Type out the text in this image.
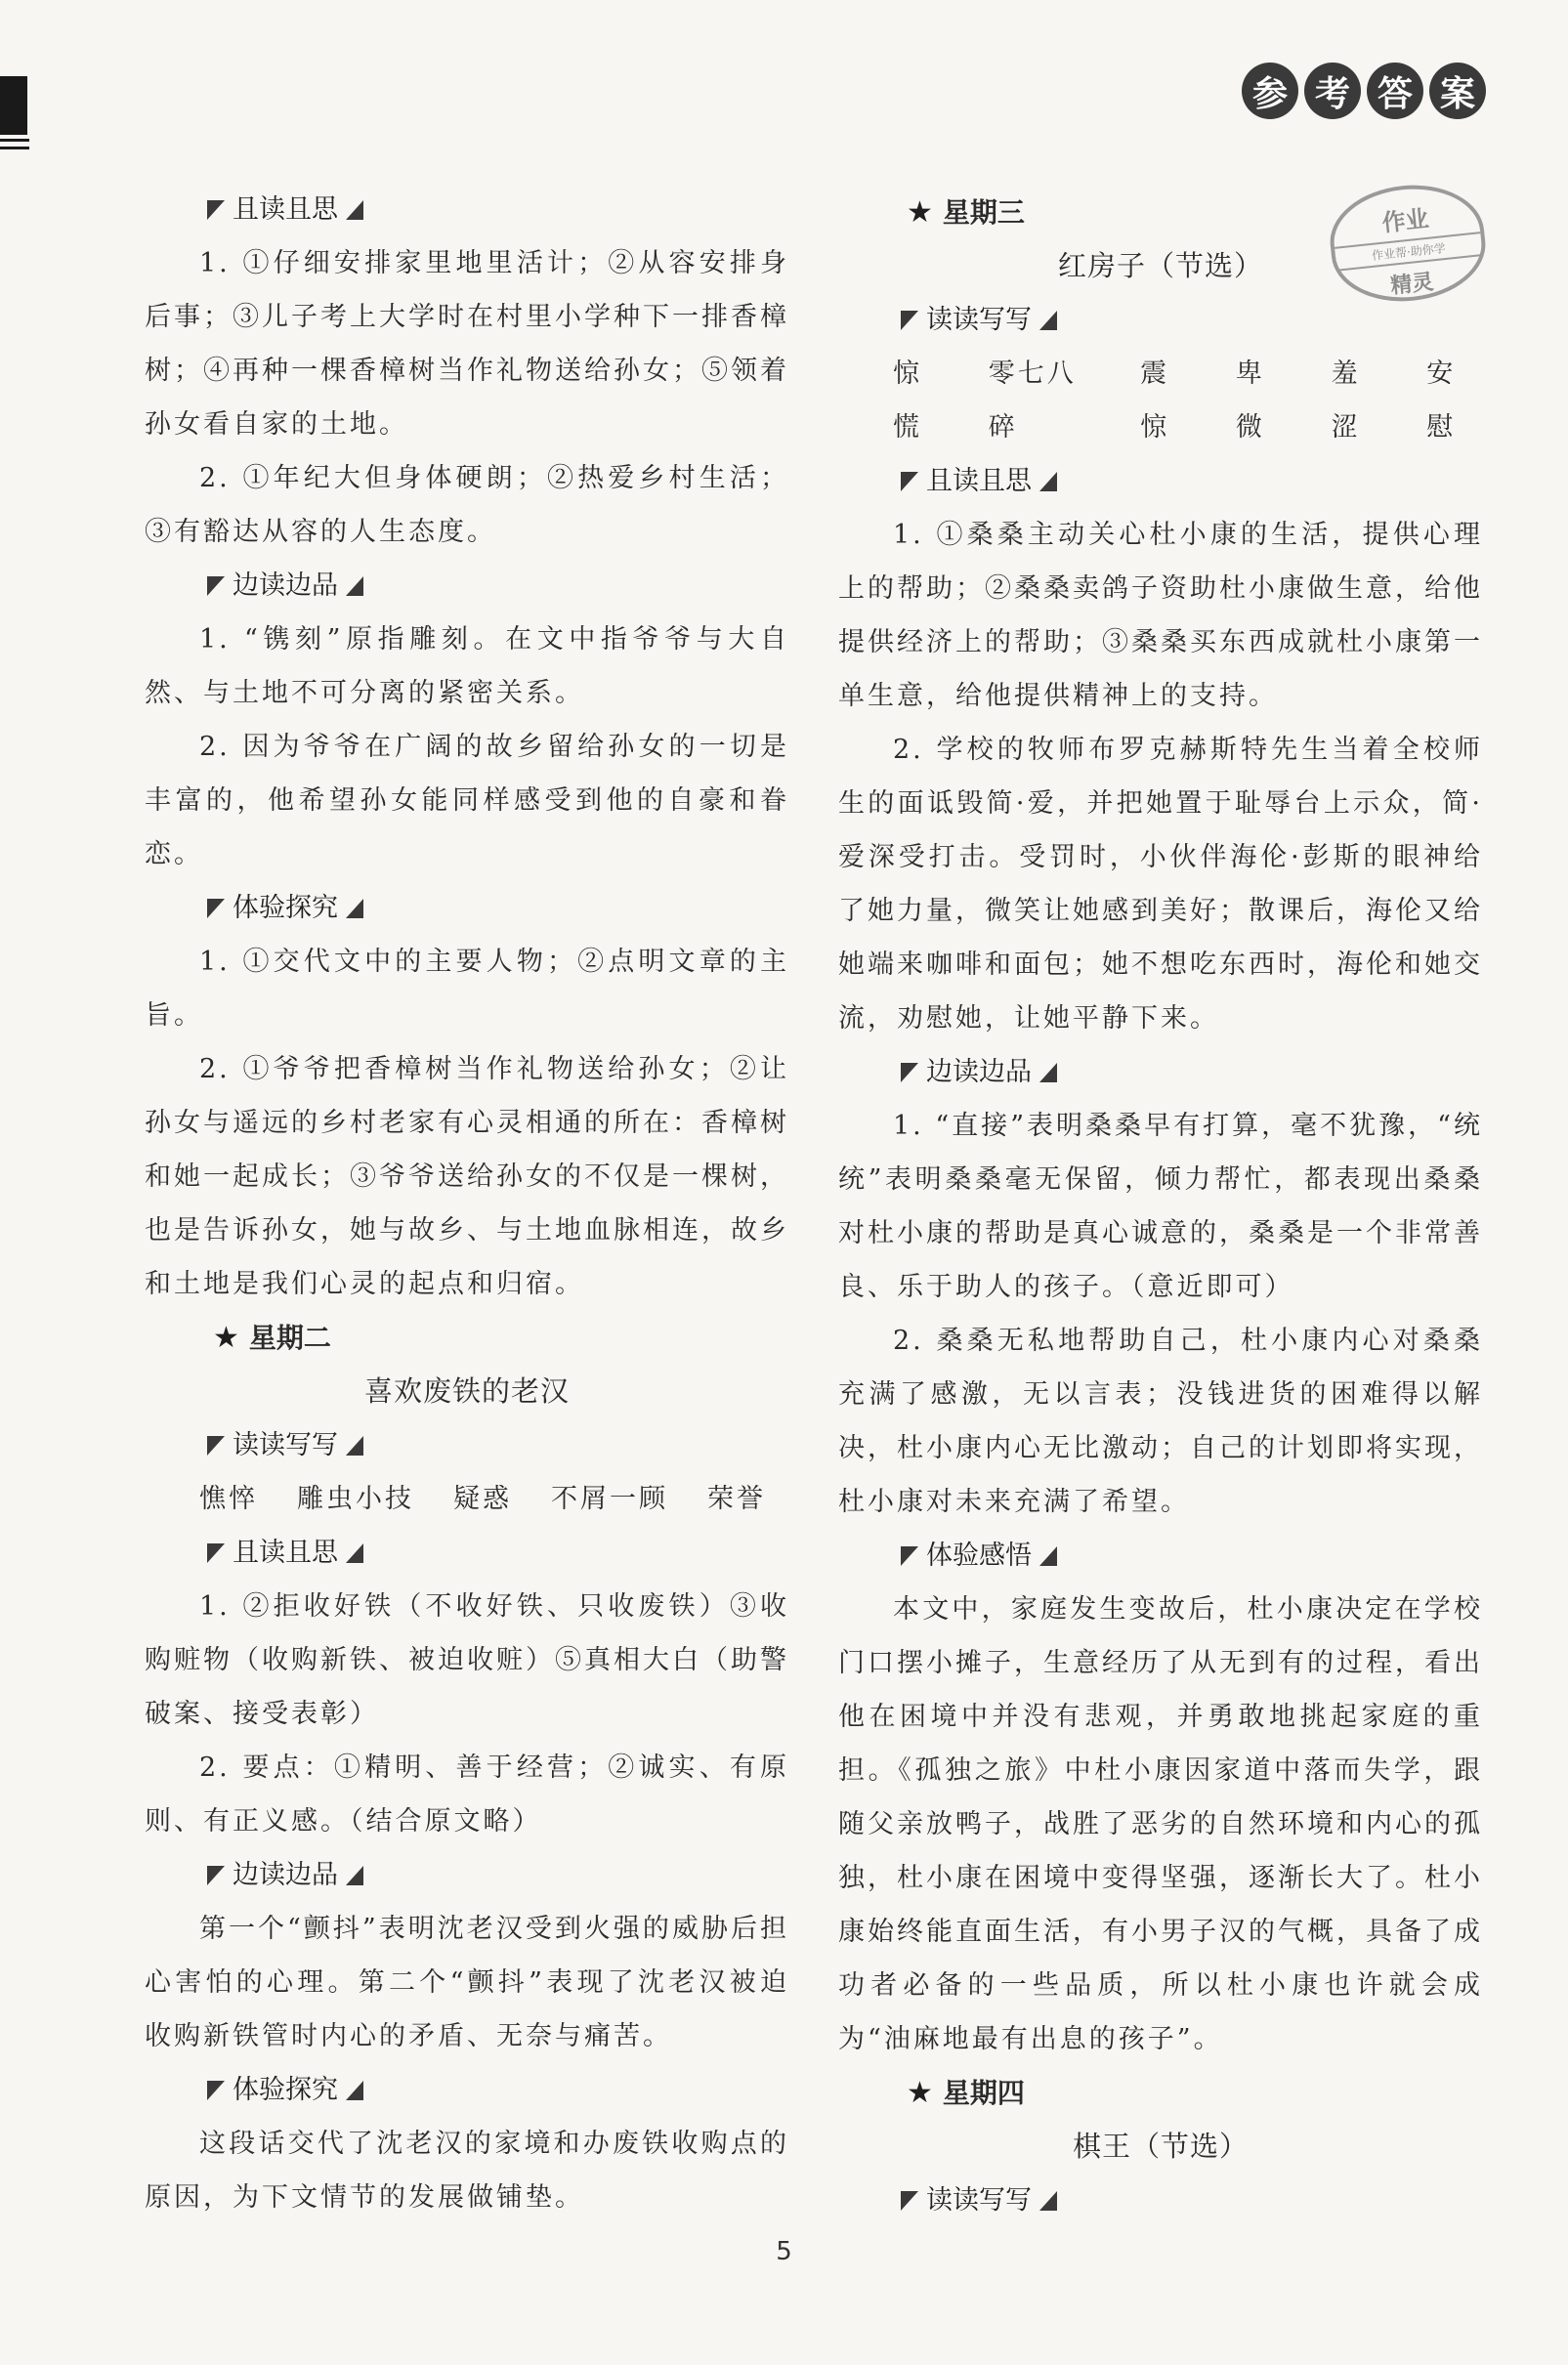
参 考 答 案
作业
作业帮·助你学
精灵
且读且思

1. ①仔细安排家里地里活计；②从容安排身后事；③儿子考上大学时在村里小学种下一排香樟树；④再种一棵香樟树当作礼物送给孙女；⑤领着孙女看自家的土地。

2. ①年纪大但身体硬朗；②热爱乡村生活；③有豁达从容的人生态度。

边读边品

1. “镌刻”原指雕刻。在文中指爷爷与大自然、与土地不可分离的紧密关系。

2. 因为爷爷在广阔的故乡留给孙女的一切是丰富的，他希望孙女能同样感受到他的自豪和眷恋。

体验探究

1. ①交代文中的主要人物；②点明文章的主旨。

2. ①爷爷把香樟树当作礼物送给孙女；②让孙女与遥远的乡村老家有心灵相通的所在：香樟树和她一起成长；③爷爷送给孙女的不仅是一棵树，也是告诉孙女，她与故乡、与土地血脉相连，故乡和土地是我们心灵的起点和归宿。

★ 星期二
喜欢废铁的老汉
读读写写
憔悴 雕虫小技 疑惑 不屑一顾 荣誉
且读且思

1. ②拒收好铁（不收好铁、只收废铁）③收购赃物（收购新铁、被迫收赃）⑤真相大白（助警破案、接受表彰）

2. 要点：①精明、善于经营；②诚实、有原则、有正义感。（结合原文略）

边读边品

第一个“颤抖”表明沈老汉受到火强的威胁后担心害怕的心理。第二个“颤抖”表现了沈老汉被迫收购新铁管时内心的矛盾、无奈与痛苦。

体验探究

这段话交代了沈老汉的家境和办废铁收购点的原因，为下文情节的发展做铺垫。

★ 星期三
红房子（节选）
读读写写
惊慌
零七八碎
震惊
卑微
羞涩
安慰
且读且思

1. ①桑桑主动关心杜小康的生活，提供心理上的帮助；②桑桑卖鸽子资助杜小康做生意，给他提供经济上的帮助；③桑桑买东西成就杜小康第一单生意，给他提供精神上的支持。

2. 学校的牧师布罗克赫斯特先生当着全校师生的面诋毁简·爱，并把她置于耻辱台上示众，简·爱深受打击。受罚时，小伙伴海伦·彭斯的眼神给了她力量，微笑让她感到美好；散课后，海伦又给她端来咖啡和面包；她不想吃东西时，海伦和她交流，劝慰她，让她平静下来。

边读边品

1. “直接”表明桑桑早有打算，毫不犹豫，“统统”表明桑桑毫无保留，倾力帮忙，都表现出桑桑对杜小康的帮助是真心诚意的，桑桑是一个非常善良、乐于助人的孩子。（意近即可）

2. 桑桑无私地帮助自己，杜小康内心对桑桑充满了感激，无以言表；没钱进货的困难得以解决，杜小康内心无比激动；自己的计划即将实现，杜小康对未来充满了希望。

体验感悟

本文中，家庭发生变故后，杜小康决定在学校门口摆小摊子，生意经历了从无到有的过程，看出他在困境中并没有悲观，并勇敢地挑起家庭的重担。《孤独之旅》中杜小康因家道中落而失学，跟随父亲放鸭子，战胜了恶劣的自然环境和内心的孤独，杜小康在困境中变得坚强，逐渐长大了。杜小康始终能直面生活，有小男子汉的气概，具备了成功者必备的一些品质，所以杜小康也许就会成为“油麻地最有出息的孩子”。

★ 星期四
棋王（节选）
读读写写
5
